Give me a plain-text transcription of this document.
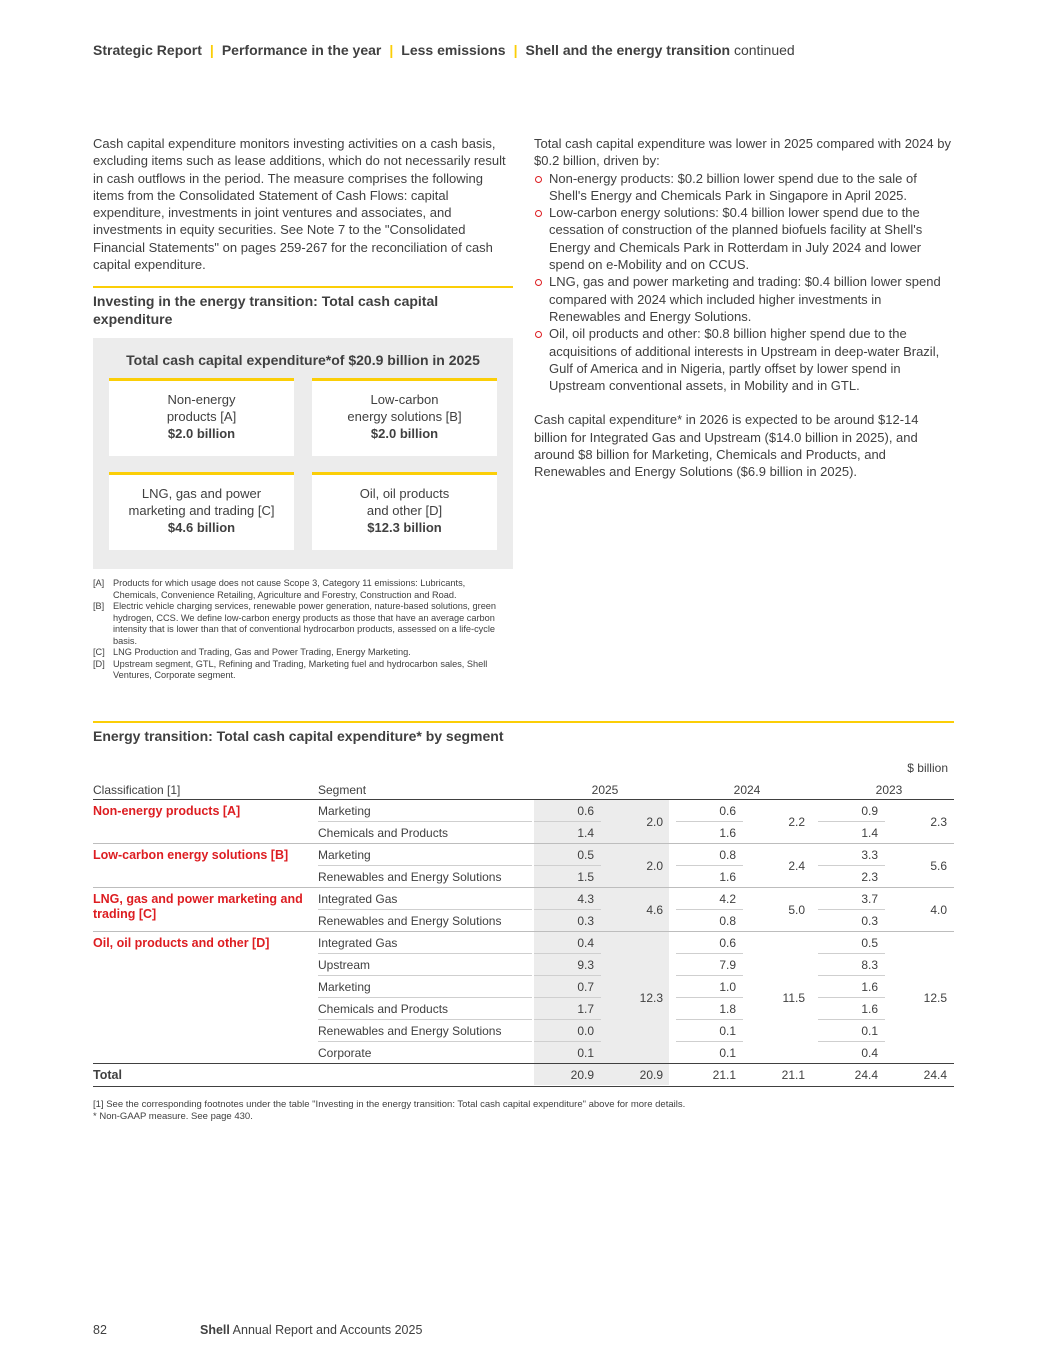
Strategic Report | Performance in the year | Less emissions | Shell and the energy transition continued

Cash capital expenditure monitors investing activities on a cash basis, excluding items such as lease additions, which do not necessarily result in cash outflows in the period. The measure comprises the following items from the Consolidated Statement of Cash Flows: capital expenditure, investments in joint ventures and associates, and investments in equity securities. See Note 7 to the "Consolidated Financial Statements" on pages 259-267 for the reconciliation of cash capital expenditure.

Investing in the energy transition: Total cash capital expenditure
Total cash capital expenditure*of $20.9 billion in 2025
Non-energy
products [A]
$2.0 billion
Low-carbon
energy solutions [B]
$2.0 billion
LNG, gas and power
marketing and trading [C]
$4.6 billion
Oil, oil products
and other [D]
$12.3 billion
[A] Products for which usage does not cause Scope 3, Category 11 emissions: Lubricants, Chemicals, Convenience Retailing, Agriculture and Forestry, Construction and Road.
[B] Electric vehicle charging services, renewable power generation, nature-based solutions, green hydrogen, CCS. We define low-carbon energy products as those that have an average carbon intensity that is lower than that of conventional hydrocarbon products, assessed on a life-cycle basis.
[C] LNG Production and Trading, Gas and Power Trading, Energy Marketing.
[D] Upstream segment, GTL, Refining and Trading, Marketing fuel and hydrocarbon sales, Shell Ventures, Corporate segment.

Total cash capital expenditure was lower in 2025 compared with 2024 by $0.2 billion, driven by:

Non-energy products: $0.2 billion lower spend due to the sale of Shell's Energy and Chemicals Park in Singapore in April 2025.
Low-carbon energy solutions: $0.4 billion lower spend due to the cessation of construction of the planned biofuels facility at Shell's Energy and Chemicals Park in Rotterdam in July 2024 and lower spend on e-Mobility and on CCUS.
LNG, gas and power marketing and trading: $0.4 billion lower spend compared with 2024 which included higher investments in Renewables and Energy Solutions.
Oil, oil products and other: $0.8 billion higher spend due to the acquisitions of additional interests in Upstream in deep-water Brazil, Gulf of America and in Nigeria, partly offset by lower spend in Upstream conventional assets, in Mobility and in GTL.

Cash capital expenditure* in 2026 is expected to be around $12-14 billion for Integrated Gas and Upstream ($14.0 billion in 2025), and around $8 billion for Marketing, Chemicals and Products, and Renewables and Energy Solutions ($6.9 billion in 2025).

Energy transition: Total cash capital expenditure* by segment
$ billion
Classification [1]	Segment	2025	2024	2023
Non-energy products [A]	Marketing	0.6	0.6	0.9
Chemicals and Products	1.4	1.6	1.4
2.0	2.2	2.3
Low-carbon energy solutions [B]	Marketing	0.5	0.8	3.3
Renewables and Energy Solutions	1.5	1.6	2.3
2.0	2.4	5.6
LNG, gas and power marketing and trading [C]
Integrated Gas	4.3	4.2	3.7
Renewables and Energy Solutions	0.3	0.8	0.3
4.6	5.0	4.0
Oil, oil products and other [D]	Integrated Gas	0.4	0.6	0.5
Upstream	9.3	7.9	8.3
Marketing	0.7	1.0	1.6
Chemicals and Products	1.7	1.8	1.6
Renewables and Energy Solutions	0.0	0.1	0.1
Corporate	0.1	0.1	0.4
12.3	11.5	12.5
Total	20.9	20.9	21.1	21.1	24.4	24.4
[1] See the corresponding footnotes under the table "Investing in the energy transition: Total cash capital expenditure" above for more details.
* Non-GAAP measure. See page 430.
82	Shell Annual Report and Accounts 2025
